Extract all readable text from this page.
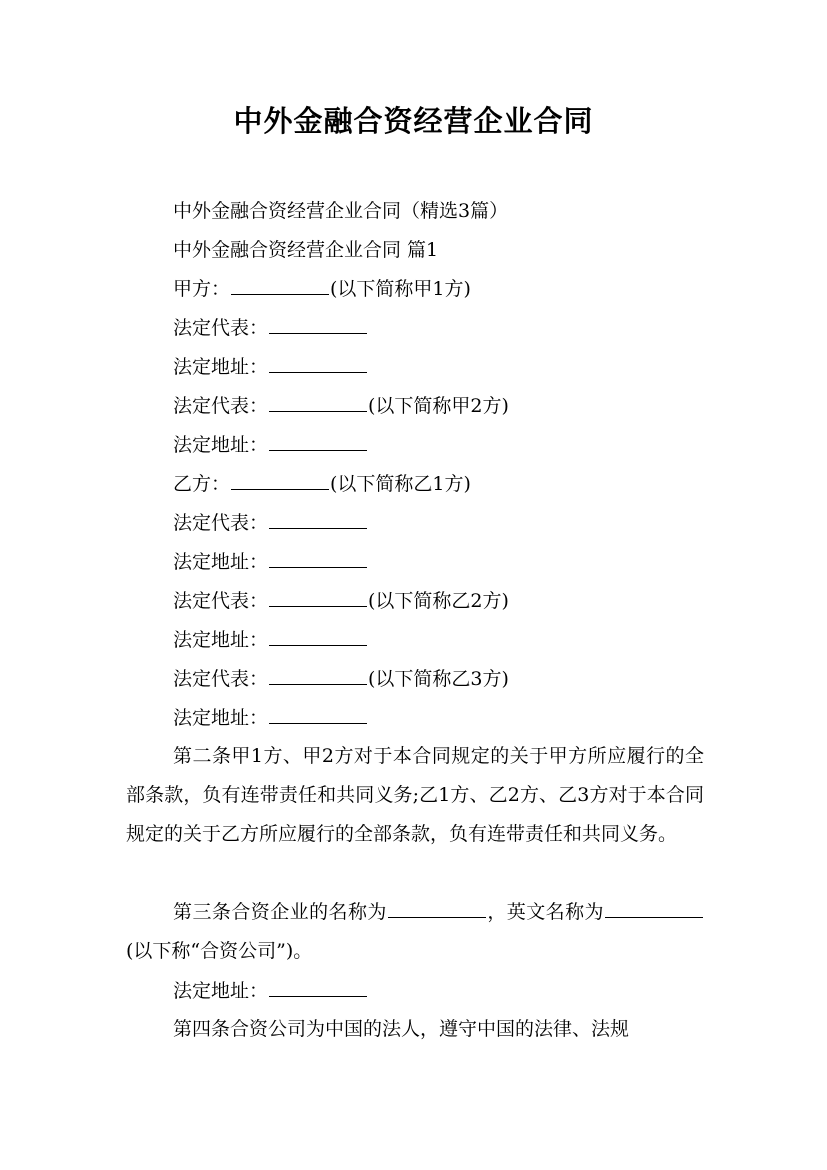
中外金融合资经营企业合同
中外金融合资经营企业合同（精选3篇）
中外金融合资经营企业合同 篇1
甲方：	(以下简称甲1方)
法定代表：
法定地址：
法定代表：	(以下简称甲2方)
法定地址：
乙方：	(以下简称乙1方)
法定代表：
法定地址：
法定代表：	(以下简称乙2方)
法定地址：
法定代表：	(以下简称乙3方)
法定地址：
第二条甲1方、甲2方对于本合同规定的关于甲方所应履行的全部条款，负有连带责任和共同义务;乙1方、乙2方、乙3方对于本合同规定的关于乙方所应履行的全部条款，负有连带责任和共同义务。
第三条合资企业的名称为	，英文名称为(以下称“合资公司”)。
法定地址：
第四条合资公司为中国的法人，遵守中国的法律、法规
